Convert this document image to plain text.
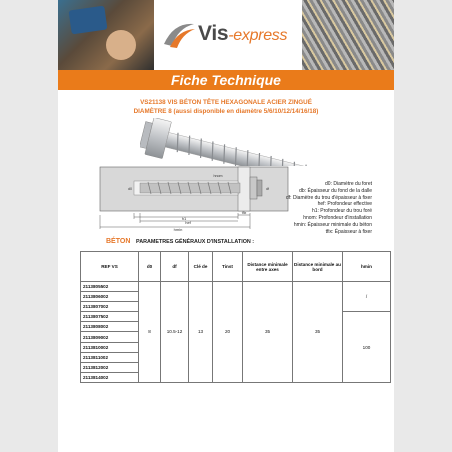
Vis-express
Fiche Technique
VS21138 VIS BÉTON TÊTE HEXAGONALE ACIER ZINGUÉ
DIAMÈTRE 8 (aussi disponible en diamètre 5/6/10/12/14/16/18)
h1
hef
hmin
tfix
hnom
d0	df
d0: Diamètre du foret
db: Épaisseur du fond de la dalle
df: Diamètre du trou d'épaisseur à fixer
hef: Profondeur effective
h1: Profondeur du trou foré
hnom: Profondeur d'installation
hmin: Épaisseur minimale du béton
tfix: Épaisseur à fixer
BÉTON PARAMETRES GÉNÉRAUX D'INSTALLATION :
REF VS	d0	df	Clé de	Tinst	Distance minimale entre axes	Distance minimale au bord	hmin
2113805502	8	10.5-12	13	20	35	35	/
2113806002							
2113807002							
2113807502							100
2113808002							
2113809002							
2113810002							
2113811002							
2113812002							
2113814002							
